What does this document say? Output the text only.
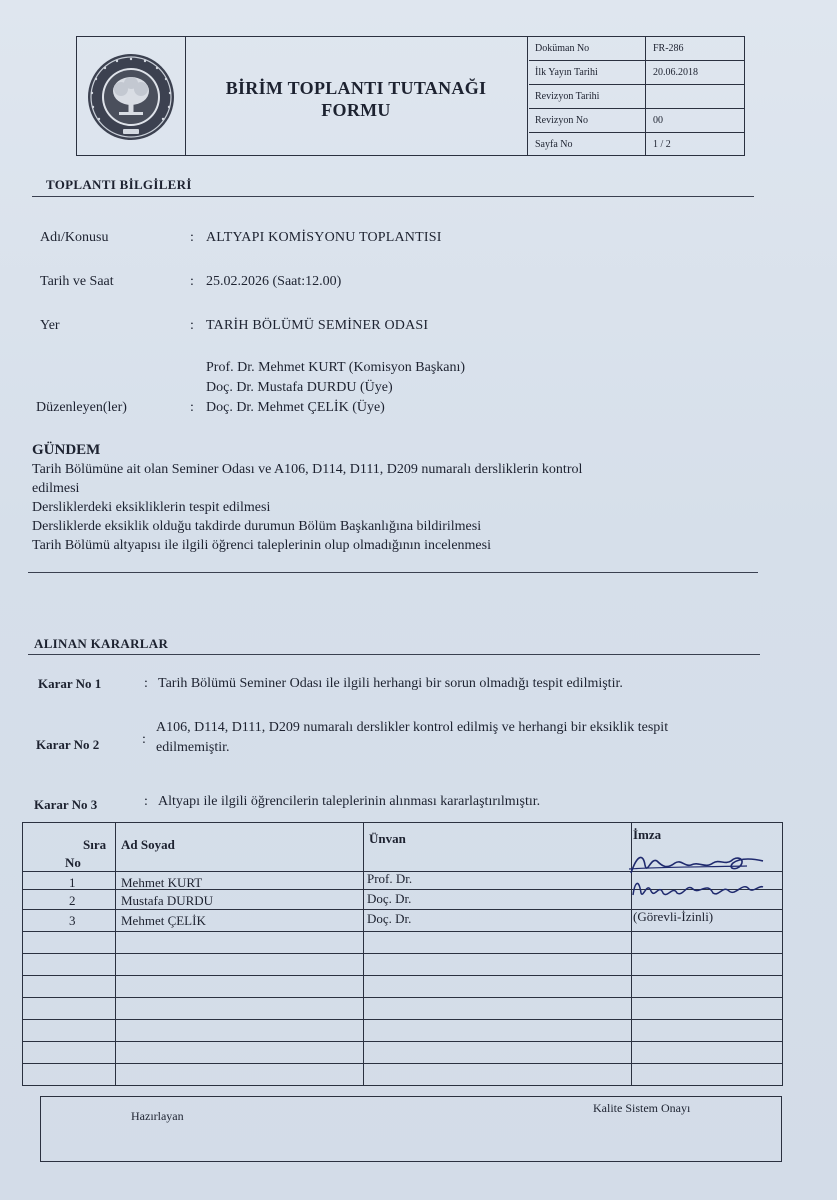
BİRİM TOPLANTI TUTANAĞI
FORMU
Doküman No	FR-286
İlk Yayın Tarihi	20.06.2018
Revizyon Tarihi
Revizyon No	00
Sayfa No	1 / 2
TOPLANTI BİLGİLERİ
Adı/Konusu	: ALTYAPI KOMİSYONU TOPLANTISI
Tarih ve Saat	: 25.02.2026 (Saat:12.00)
Yer	: TARİH BÖLÜMÜ SEMİNER ODASI
Prof. Dr. Mehmet KURT (Komisyon Başkanı)
Doç. Dr. Mustafa DURDU (Üye)
Düzenleyen(ler)	: Doç. Dr. Mehmet ÇELİK (Üye)
GÜNDEM
Tarih Bölümüne ait olan Seminer Odası ve A106, D114, D111, D209 numaralı dersliklerin kontrol
edilmesi
Dersliklerdeki eksikliklerin tespit edilmesi
Dersliklerde eksiklik olduğu takdirde durumun Bölüm Başkanlığına bildirilmesi
Tarih Bölümü altyapısı ile ilgili öğrenci taleplerinin olup olmadığının incelenmesi
ALINAN KARARLAR
Karar No 1	: Tarih Bölümü Seminer Odası ile ilgili herhangi bir sorun olmadığı tespit edilmiştir.
Karar No 2	:
A106, D114, D111, D209 numaralı derslikler kontrol edilmiş ve herhangi bir eksiklik tespit
edilmemiştir.
Karar No 3	: Altyapı ile ilgili öğrencilerin taleplerinin alınması kararlaştırılmıştır.
Sıra
No
Ad Soyad	Ünvan	İmza
1	Mehmet KURT	Prof. Dr.
2	Mustafa DURDU	Doç. Dr.
3	Mehmet ÇELİK	Doç. Dr.	(Görevli-İzinli)
Hazırlayan
Kalite Sistem Onayı
